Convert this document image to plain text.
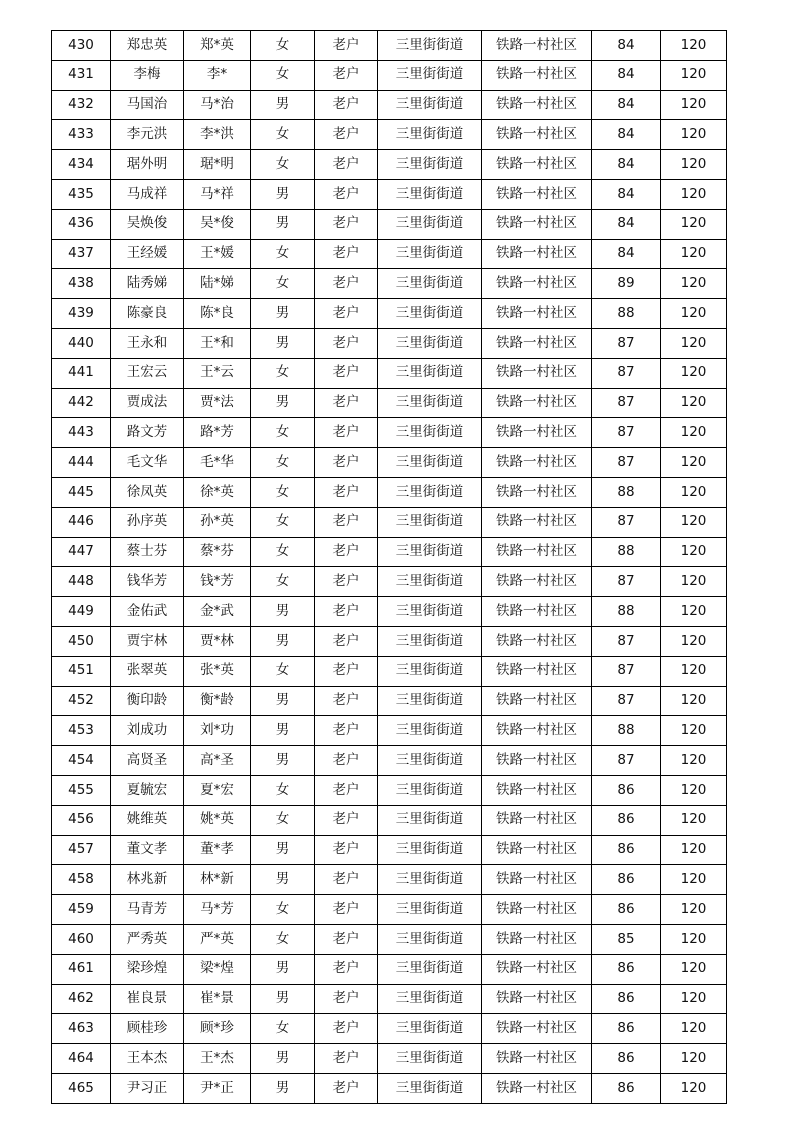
430	郑忠英	郑*英	女	老户	三里街街道	铁路一村社区	84	120
431	李梅	李*	女	老户	三里街街道	铁路一村社区	84	120
432	马国治	马*治	男	老户	三里街街道	铁路一村社区	84	120
433	李元洪	李*洪	女	老户	三里街街道	铁路一村社区	84	120
434	琚外明	琚*明	女	老户	三里街街道	铁路一村社区	84	120
435	马成祥	马*祥	男	老户	三里街街道	铁路一村社区	84	120
436	吴焕俊	吴*俊	男	老户	三里街街道	铁路一村社区	84	120
437	王经媛	王*媛	女	老户	三里街街道	铁路一村社区	84	120
438	陆秀娣	陆*娣	女	老户	三里街街道	铁路一村社区	89	120
439	陈豪良	陈*良	男	老户	三里街街道	铁路一村社区	88	120
440	王永和	王*和	男	老户	三里街街道	铁路一村社区	87	120
441	王宏云	王*云	女	老户	三里街街道	铁路一村社区	87	120
442	贾成法	贾*法	男	老户	三里街街道	铁路一村社区	87	120
443	路文芳	路*芳	女	老户	三里街街道	铁路一村社区	87	120
444	毛文华	毛*华	女	老户	三里街街道	铁路一村社区	87	120
445	徐凤英	徐*英	女	老户	三里街街道	铁路一村社区	88	120
446	孙序英	孙*英	女	老户	三里街街道	铁路一村社区	87	120
447	蔡士芬	蔡*芬	女	老户	三里街街道	铁路一村社区	88	120
448	钱华芳	钱*芳	女	老户	三里街街道	铁路一村社区	87	120
449	金佑武	金*武	男	老户	三里街街道	铁路一村社区	88	120
450	贾宇林	贾*林	男	老户	三里街街道	铁路一村社区	87	120
451	张翠英	张*英	女	老户	三里街街道	铁路一村社区	87	120
452	衡印龄	衡*龄	男	老户	三里街街道	铁路一村社区	87	120
453	刘成功	刘*功	男	老户	三里街街道	铁路一村社区	88	120
454	高贤圣	高*圣	男	老户	三里街街道	铁路一村社区	87	120
455	夏毓宏	夏*宏	女	老户	三里街街道	铁路一村社区	86	120
456	姚维英	姚*英	女	老户	三里街街道	铁路一村社区	86	120
457	董文孝	董*孝	男	老户	三里街街道	铁路一村社区	86	120
458	林兆新	林*新	男	老户	三里街街道	铁路一村社区	86	120
459	马青芳	马*芳	女	老户	三里街街道	铁路一村社区	86	120
460	严秀英	严*英	女	老户	三里街街道	铁路一村社区	85	120
461	梁珍煌	梁*煌	男	老户	三里街街道	铁路一村社区	86	120
462	崔良景	崔*景	男	老户	三里街街道	铁路一村社区	86	120
463	顾桂珍	顾*珍	女	老户	三里街街道	铁路一村社区	86	120
464	王本杰	王*杰	男	老户	三里街街道	铁路一村社区	86	120
465	尹习正	尹*正	男	老户	三里街街道	铁路一村社区	86	120
